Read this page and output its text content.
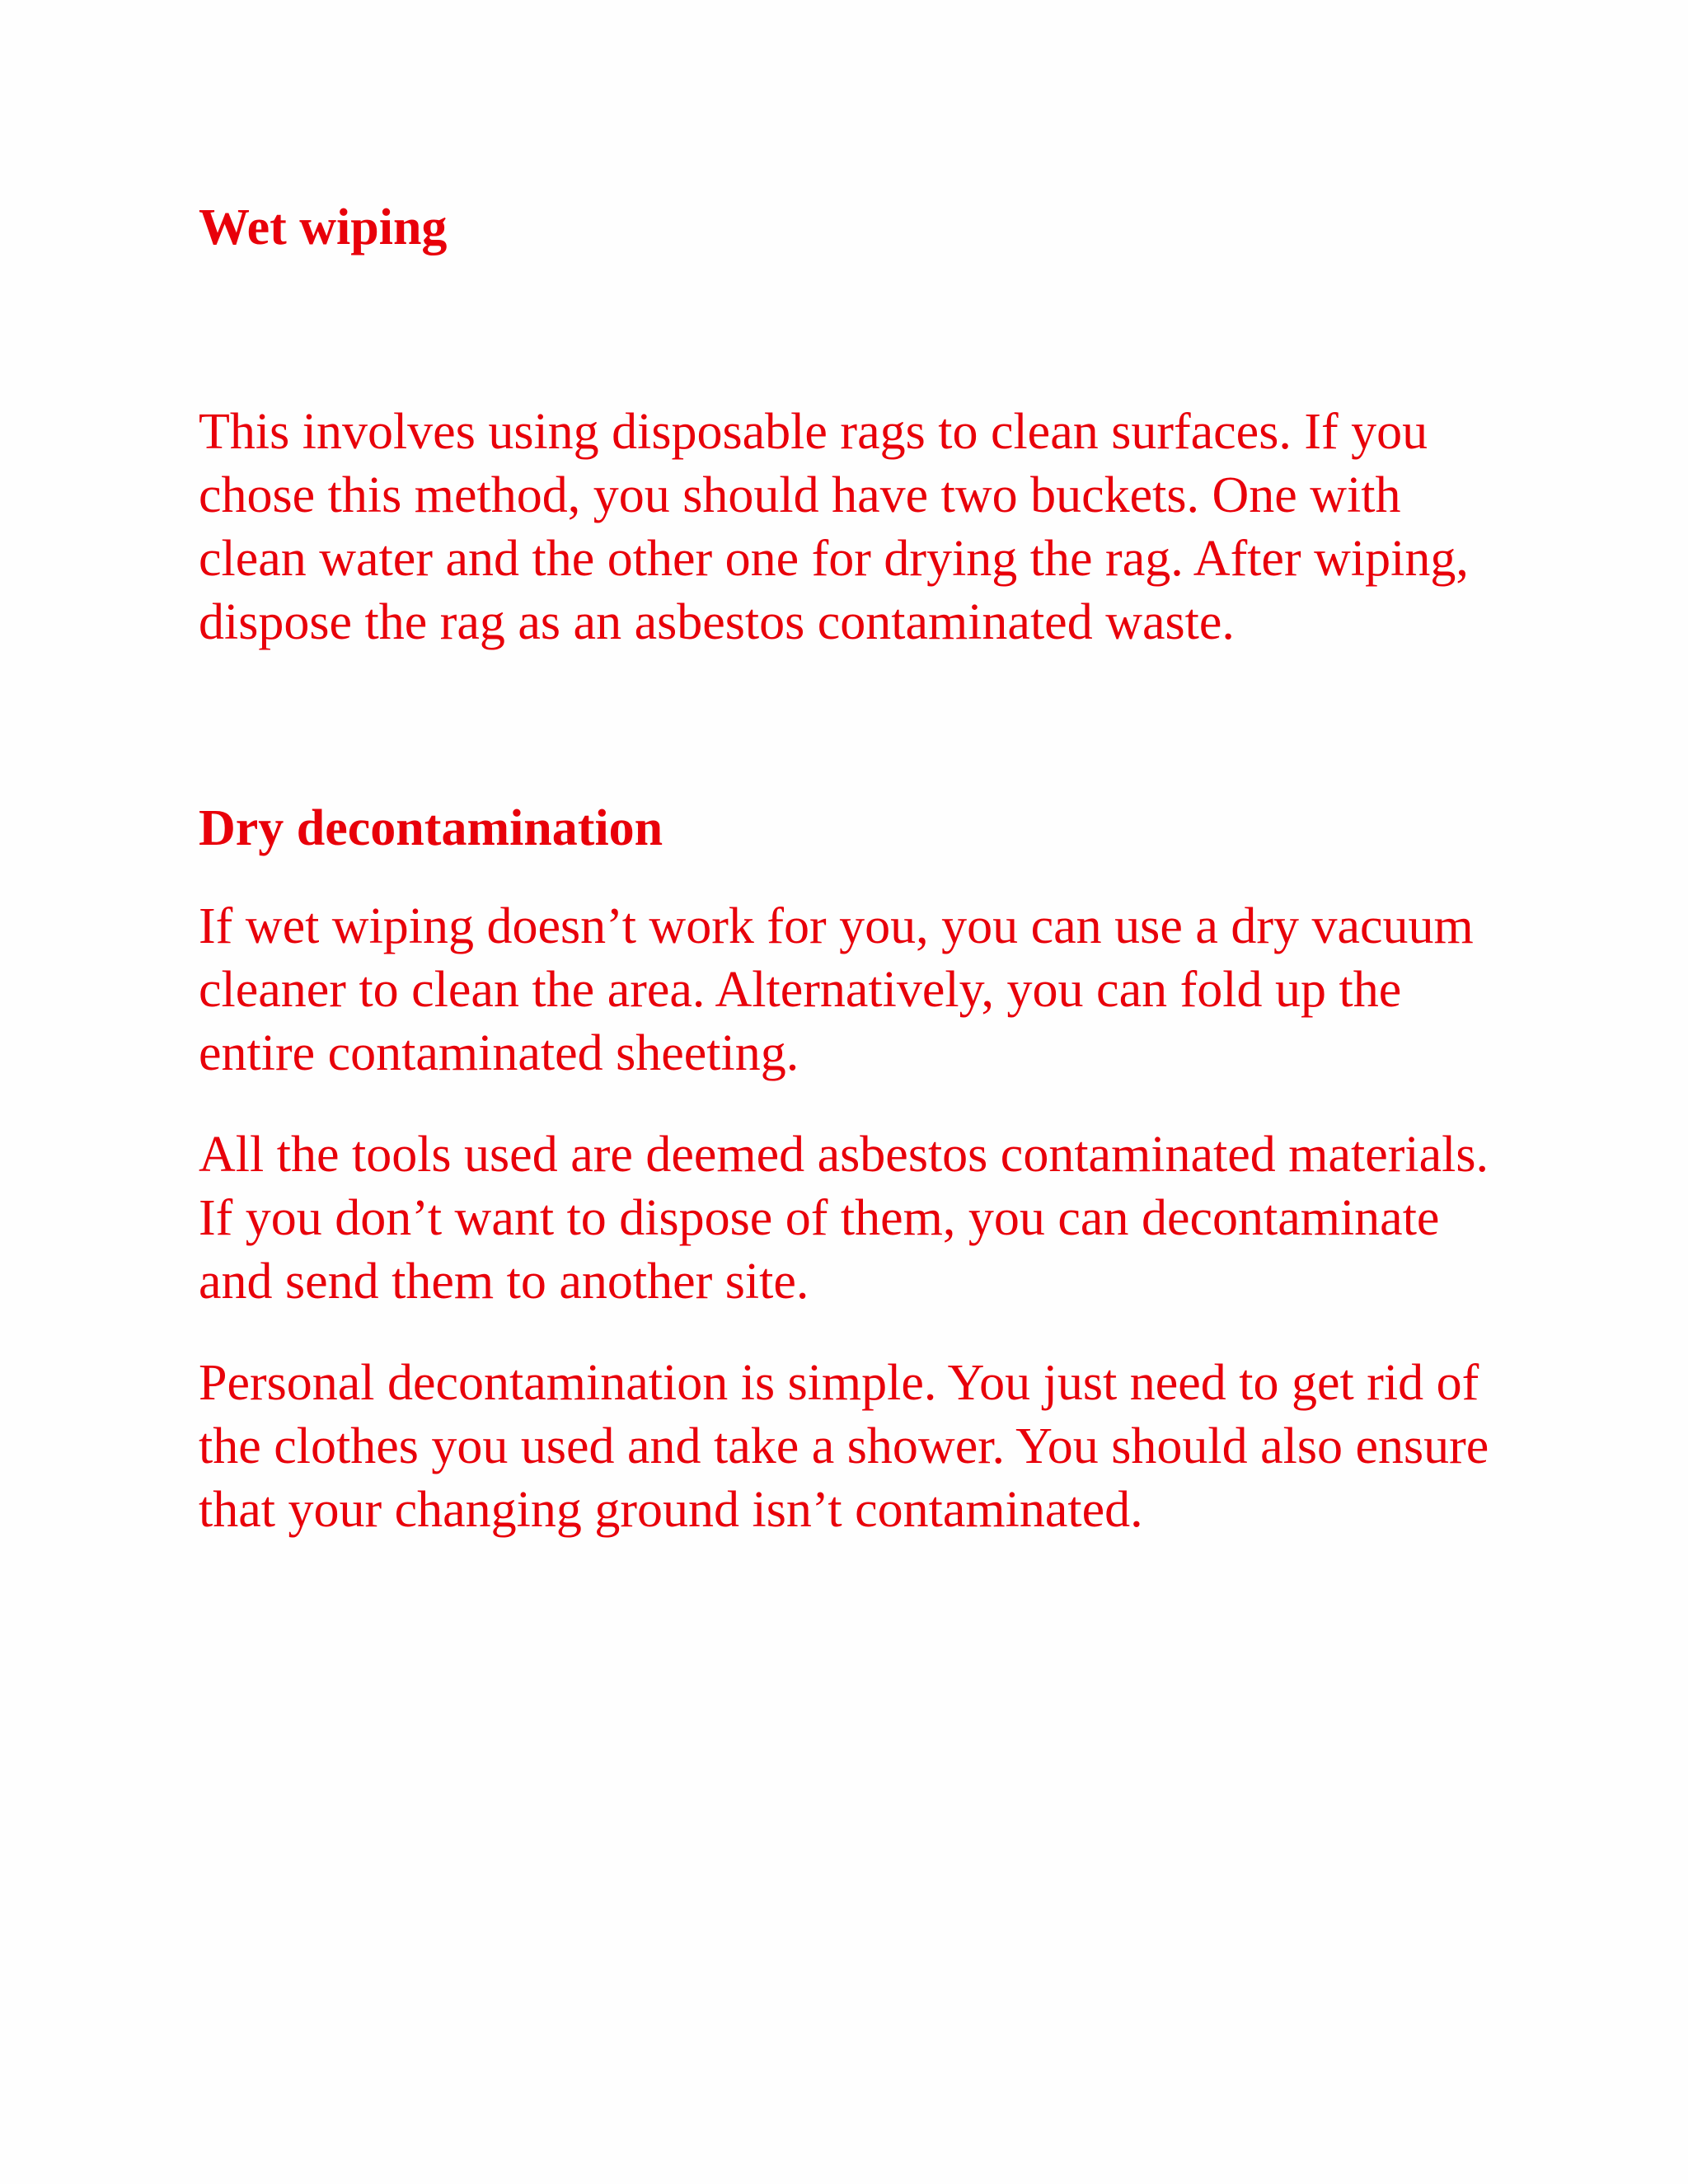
Wet wiping

This involves using disposable rags to clean surfaces. If you chose this method, you should have two buckets. One with clean water and the other one for drying the rag. After wiping, dispose the rag as an asbestos contaminated waste.

Dry decontamination

If wet wiping doesn’t work for you, you can use a dry vacuum cleaner to clean the area. Alternatively, you can fold up the entire contaminated sheeting.

All the tools used are deemed asbestos contaminated materials. If you don’t want to dispose of them, you can decontaminate and send them to another site.

Personal decontamination is simple. You just need to get rid of the clothes you used and take a shower. You should also ensure that your changing ground isn’t contaminated.
